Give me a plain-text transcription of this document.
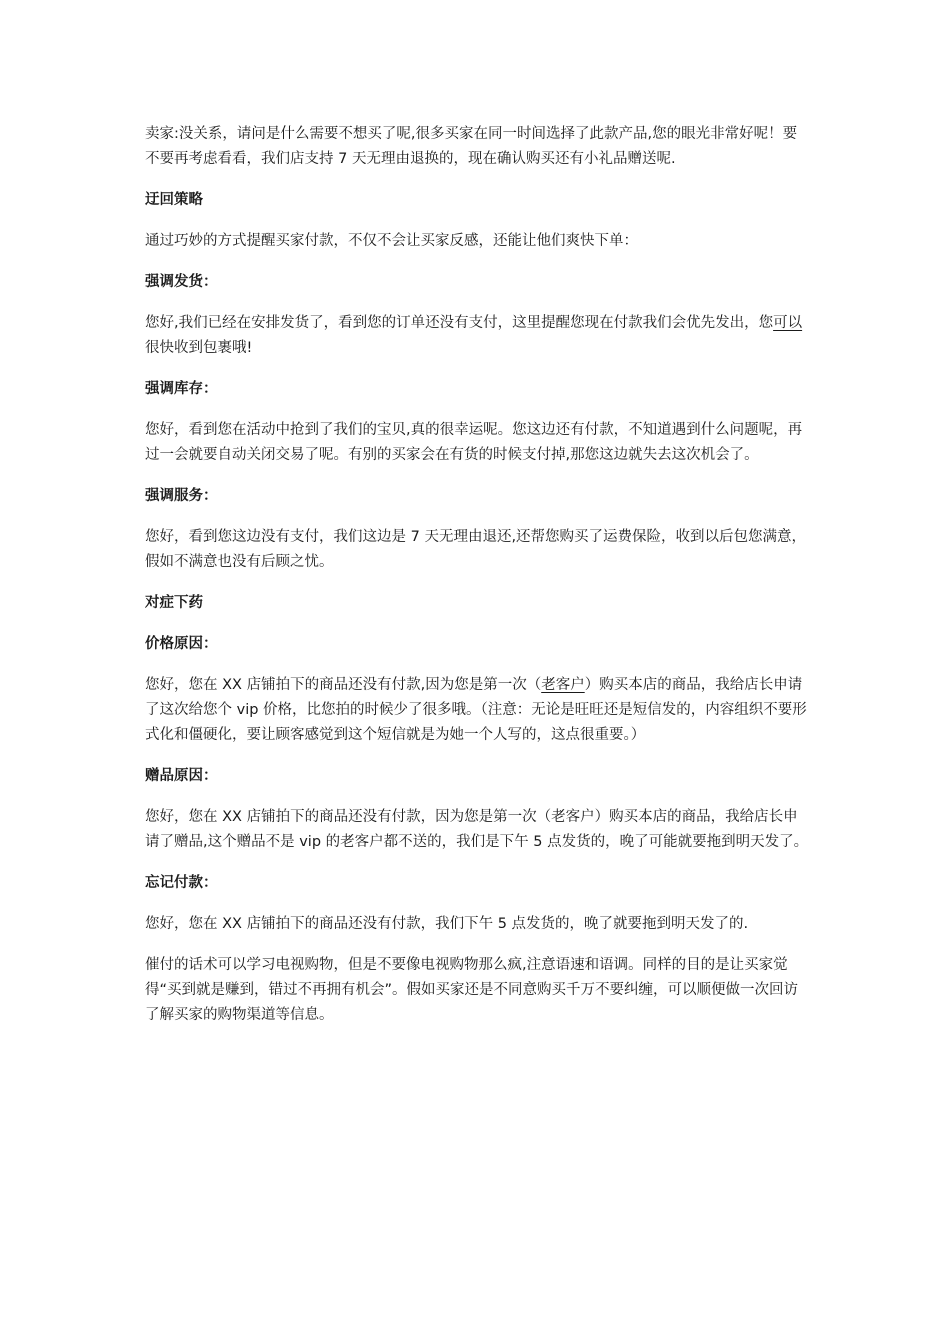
卖家:没关系，请问是什么需要不想买了呢,很多买家在同一时间选择了此款产品,您的眼光非常好呢！要不要再考虑看看，我们店支持 7 天无理由退换的，现在确认购买还有小礼品赠送呢.

迂回策略

通过巧妙的方式提醒买家付款，不仅不会让买家反感，还能让他们爽快下单：

强调发货：

您好,我们已经在安排发货了，看到您的订单还没有支付，这里提醒您现在付款我们会优先发出，您可以很快收到包裹哦!

强调库存：

您好，看到您在活动中抢到了我们的宝贝,真的很幸运呢。您这边还有付款，不知道遇到什么问题呢，再过一会就要自动关闭交易了呢。有别的买家会在有货的时候支付掉,那您这边就失去这次机会了。

强调服务：

您好，看到您这边没有支付，我们这边是 7 天无理由退还,还帮您购买了运费保险，收到以后包您满意，假如不满意也没有后顾之忧。

对症下药

价格原因：

您好，您在 XX 店铺拍下的商品还没有付款,因为您是第一次（老客户）购买本店的商品，我给店长申请了这次给您个 vip 价格，比您拍的时候少了很多哦。（注意：无论是旺旺还是短信发的，内容组织不要形式化和僵硬化，要让顾客感觉到这个短信就是为她一个人写的，这点很重要。）

赠品原因：

您好，您在 XX 店铺拍下的商品还没有付款，因为您是第一次（老客户）购买本店的商品，我给店长申请了赠品,这个赠品不是 vip 的老客户都不送的，我们是下午 5 点发货的，晚了可能就要拖到明天发了。

忘记付款：

您好，您在 XX 店铺拍下的商品还没有付款，我们下午 5 点发货的，晚了就要拖到明天发了的.

催付的话术可以学习电视购物，但是不要像电视购物那么疯,注意语速和语调。同样的目的是让买家觉得“买到就是赚到，错过不再拥有机会”。假如买家还是不同意购买千万不要纠缠，可以顺便做一次回访了解买家的购物渠道等信息。
